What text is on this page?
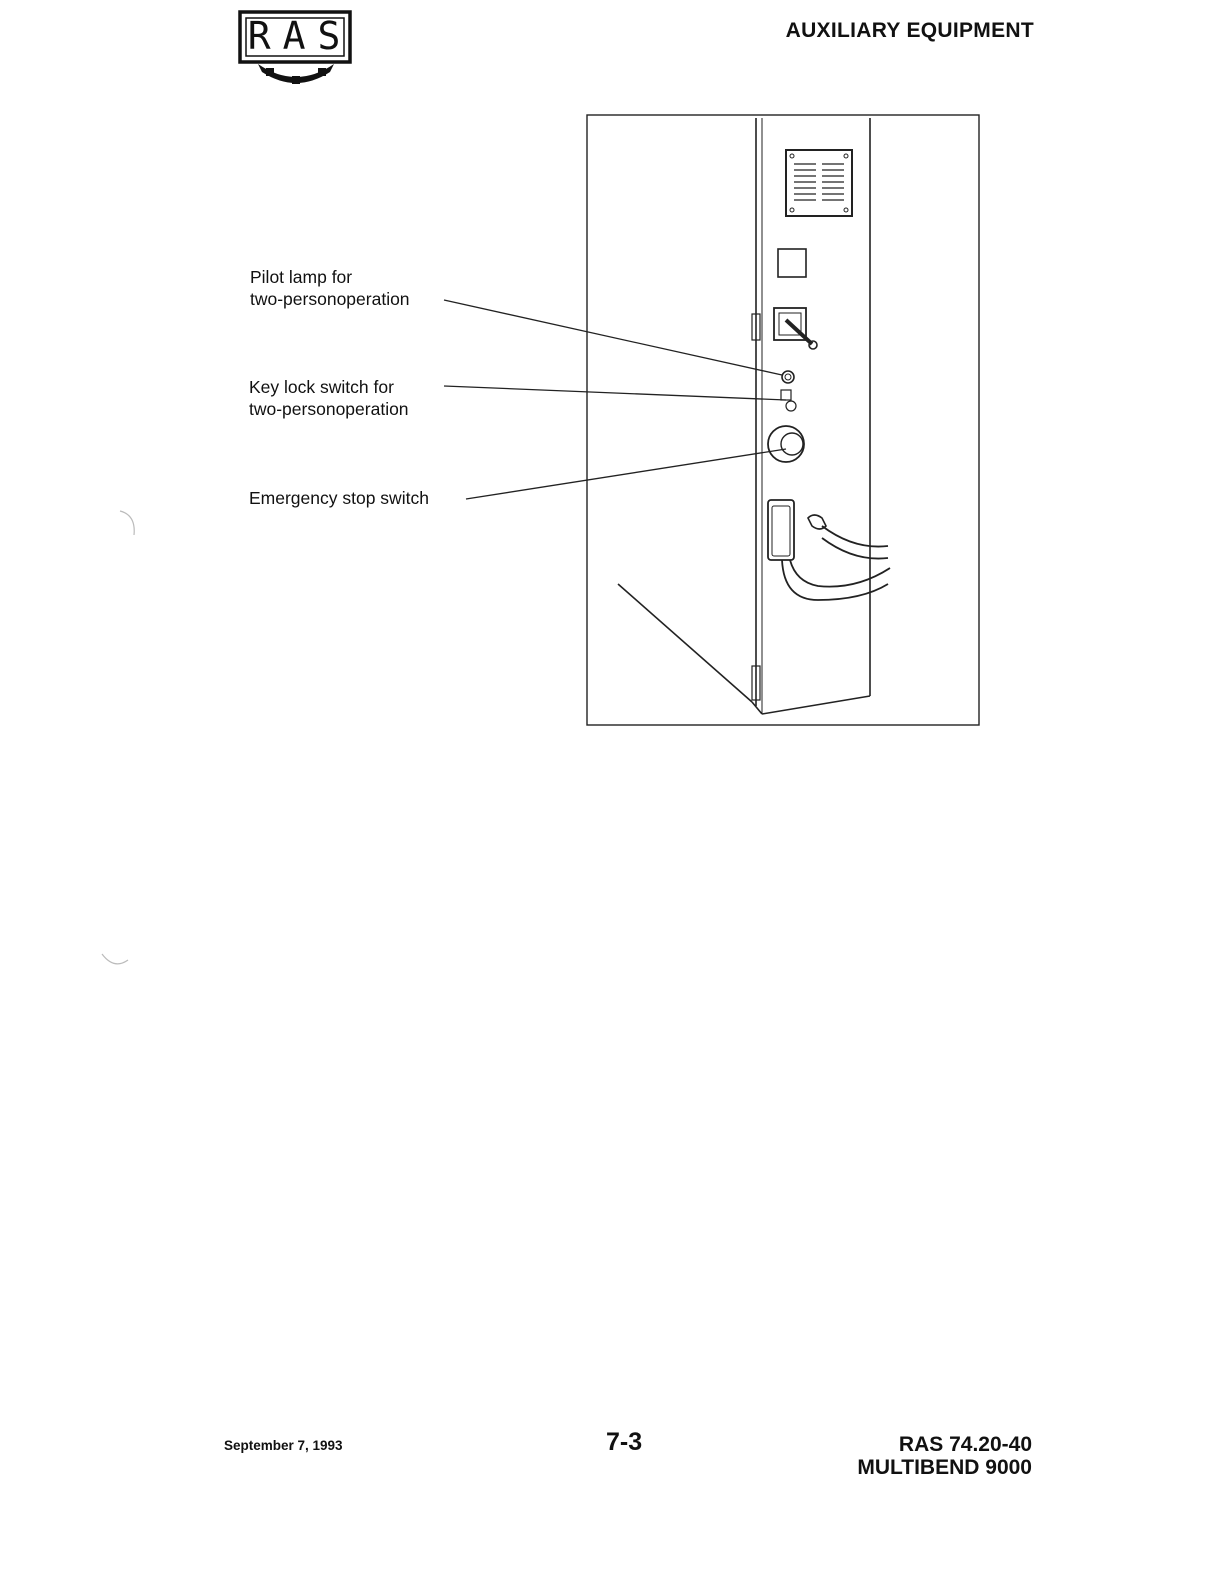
RAS	AUXILIARY EQUIPMENT
Pilot lamp for
two-personoperation
Key lock switch for
two-personoperation
Emergency stop switch
September 7, 1993	7-3	RAS 74.20-40
MULTIBEND 9000
